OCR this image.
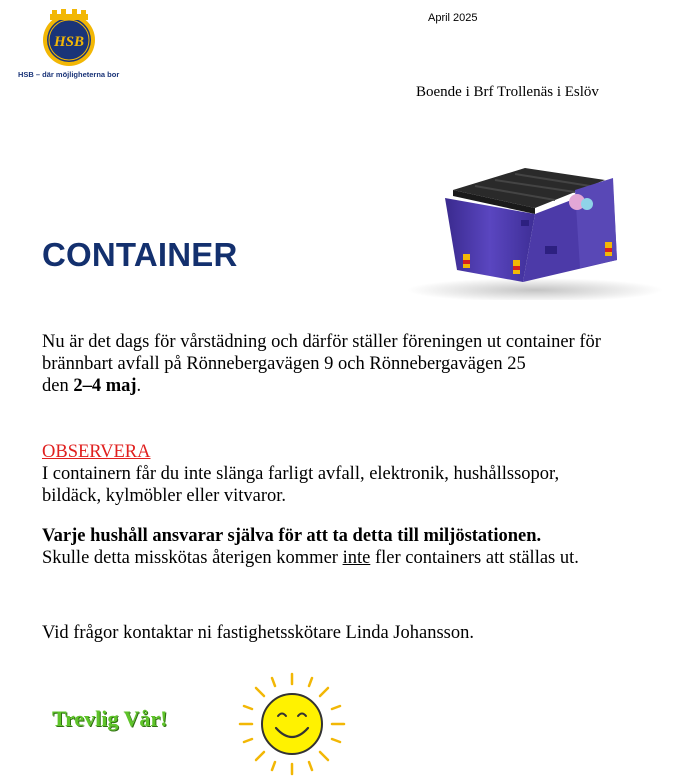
HSB
HSB – där möjligheterna bor
April 2025
Boende i Brf Trollenäs i Eslöv
CONTAINER

Nu är det dags för vårstädning och därför ställer föreningen ut container för
brännbart avfall på Rönnebergavägen 9 och Rönnebergavägen 25
den 2–4 maj.

OBSERVERA
I containern får du inte slänga farligt avfall, elektronik, hushållssopor,
bildäck, kylmöbler eller vitvaror.

Varje hushåll ansvarar själva för att ta detta till miljöstationen.
Skulle detta misskötas återigen kommer inte fler containers att ställas ut.

Vid frågor kontaktar ni fastighetsskötare Linda Johansson.

Trevlig Vår!
